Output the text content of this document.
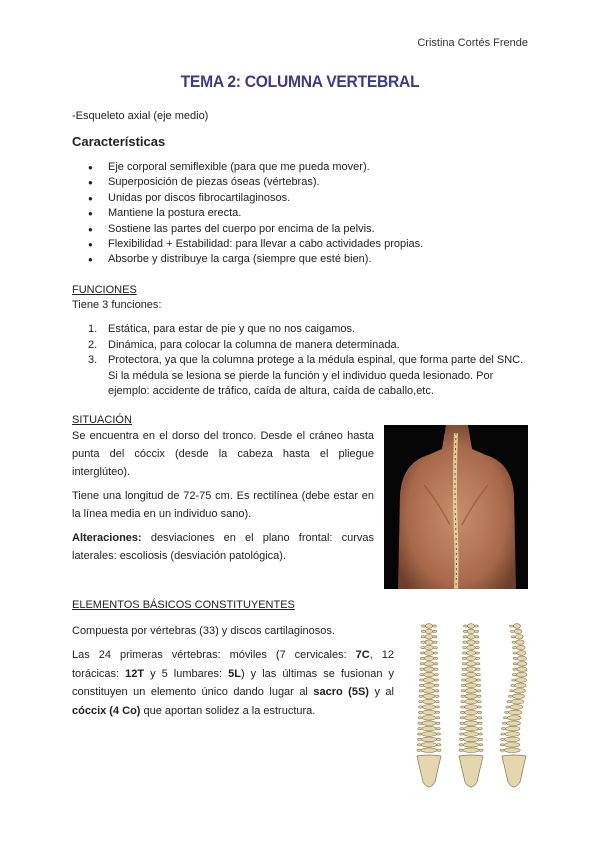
Cristina Cortés Frende
TEMA 2: COLUMNA VERTEBRAL
-Esqueleto axial (eje medio)
Características
● Eje corporal semiflexible (para que me pueda mover).
● Superposición de piezas óseas (vértebras).
● Unidas por discos fibrocartilaginosos.
● Mantiene la postura erecta.
● Sostiene las partes del cuerpo por encima de la pelvis.
● Flexibilidad + Estabilidad: para llevar a cabo actividades propias.
● Absorbe y distribuye la carga (siempre que esté bien).
FUNCIONES
Tiene 3 funciones:
1. Estática, para estar de pie y que no nos caigamos.
2. Dinámica, para colocar la columna de manera determinada.
3. Protectora, ya que la columna protege a la médula espinal, que forma parte del SNC. Si la médula se lesiona se pierde la función y el individuo queda lesionado. Por ejemplo: accidente de tráfico, caída de altura, caída de caballo,etc.
SITUACIÓN
Se encuentra en el dorso del tronco. Desde el cráneo hasta punta del cóccix (desde la cabeza hasta el pliegue interglúteo).
Tiene una longitud de 72-75 cm. Es rectilínea (debe estar en la línea media en un individuo sano).
Alteraciones: desviaciones en el plano frontal: curvas laterales: escoliosis (desviación patológica).
ELEMENTOS BÁSICOS CONSTITUYENTES
Compuesta por vértebras (33) y discos cartilaginosos.
Las 24 primeras vértebras: móviles (7 cervicales: 7C, 12 torácicas: 12T y 5 lumbares: 5L) y las últimas se fusionan y constituyen un elemento único dando lugar al sacro (5S) y al cóccix (4 Co) que aportan solidez a la estructura.
